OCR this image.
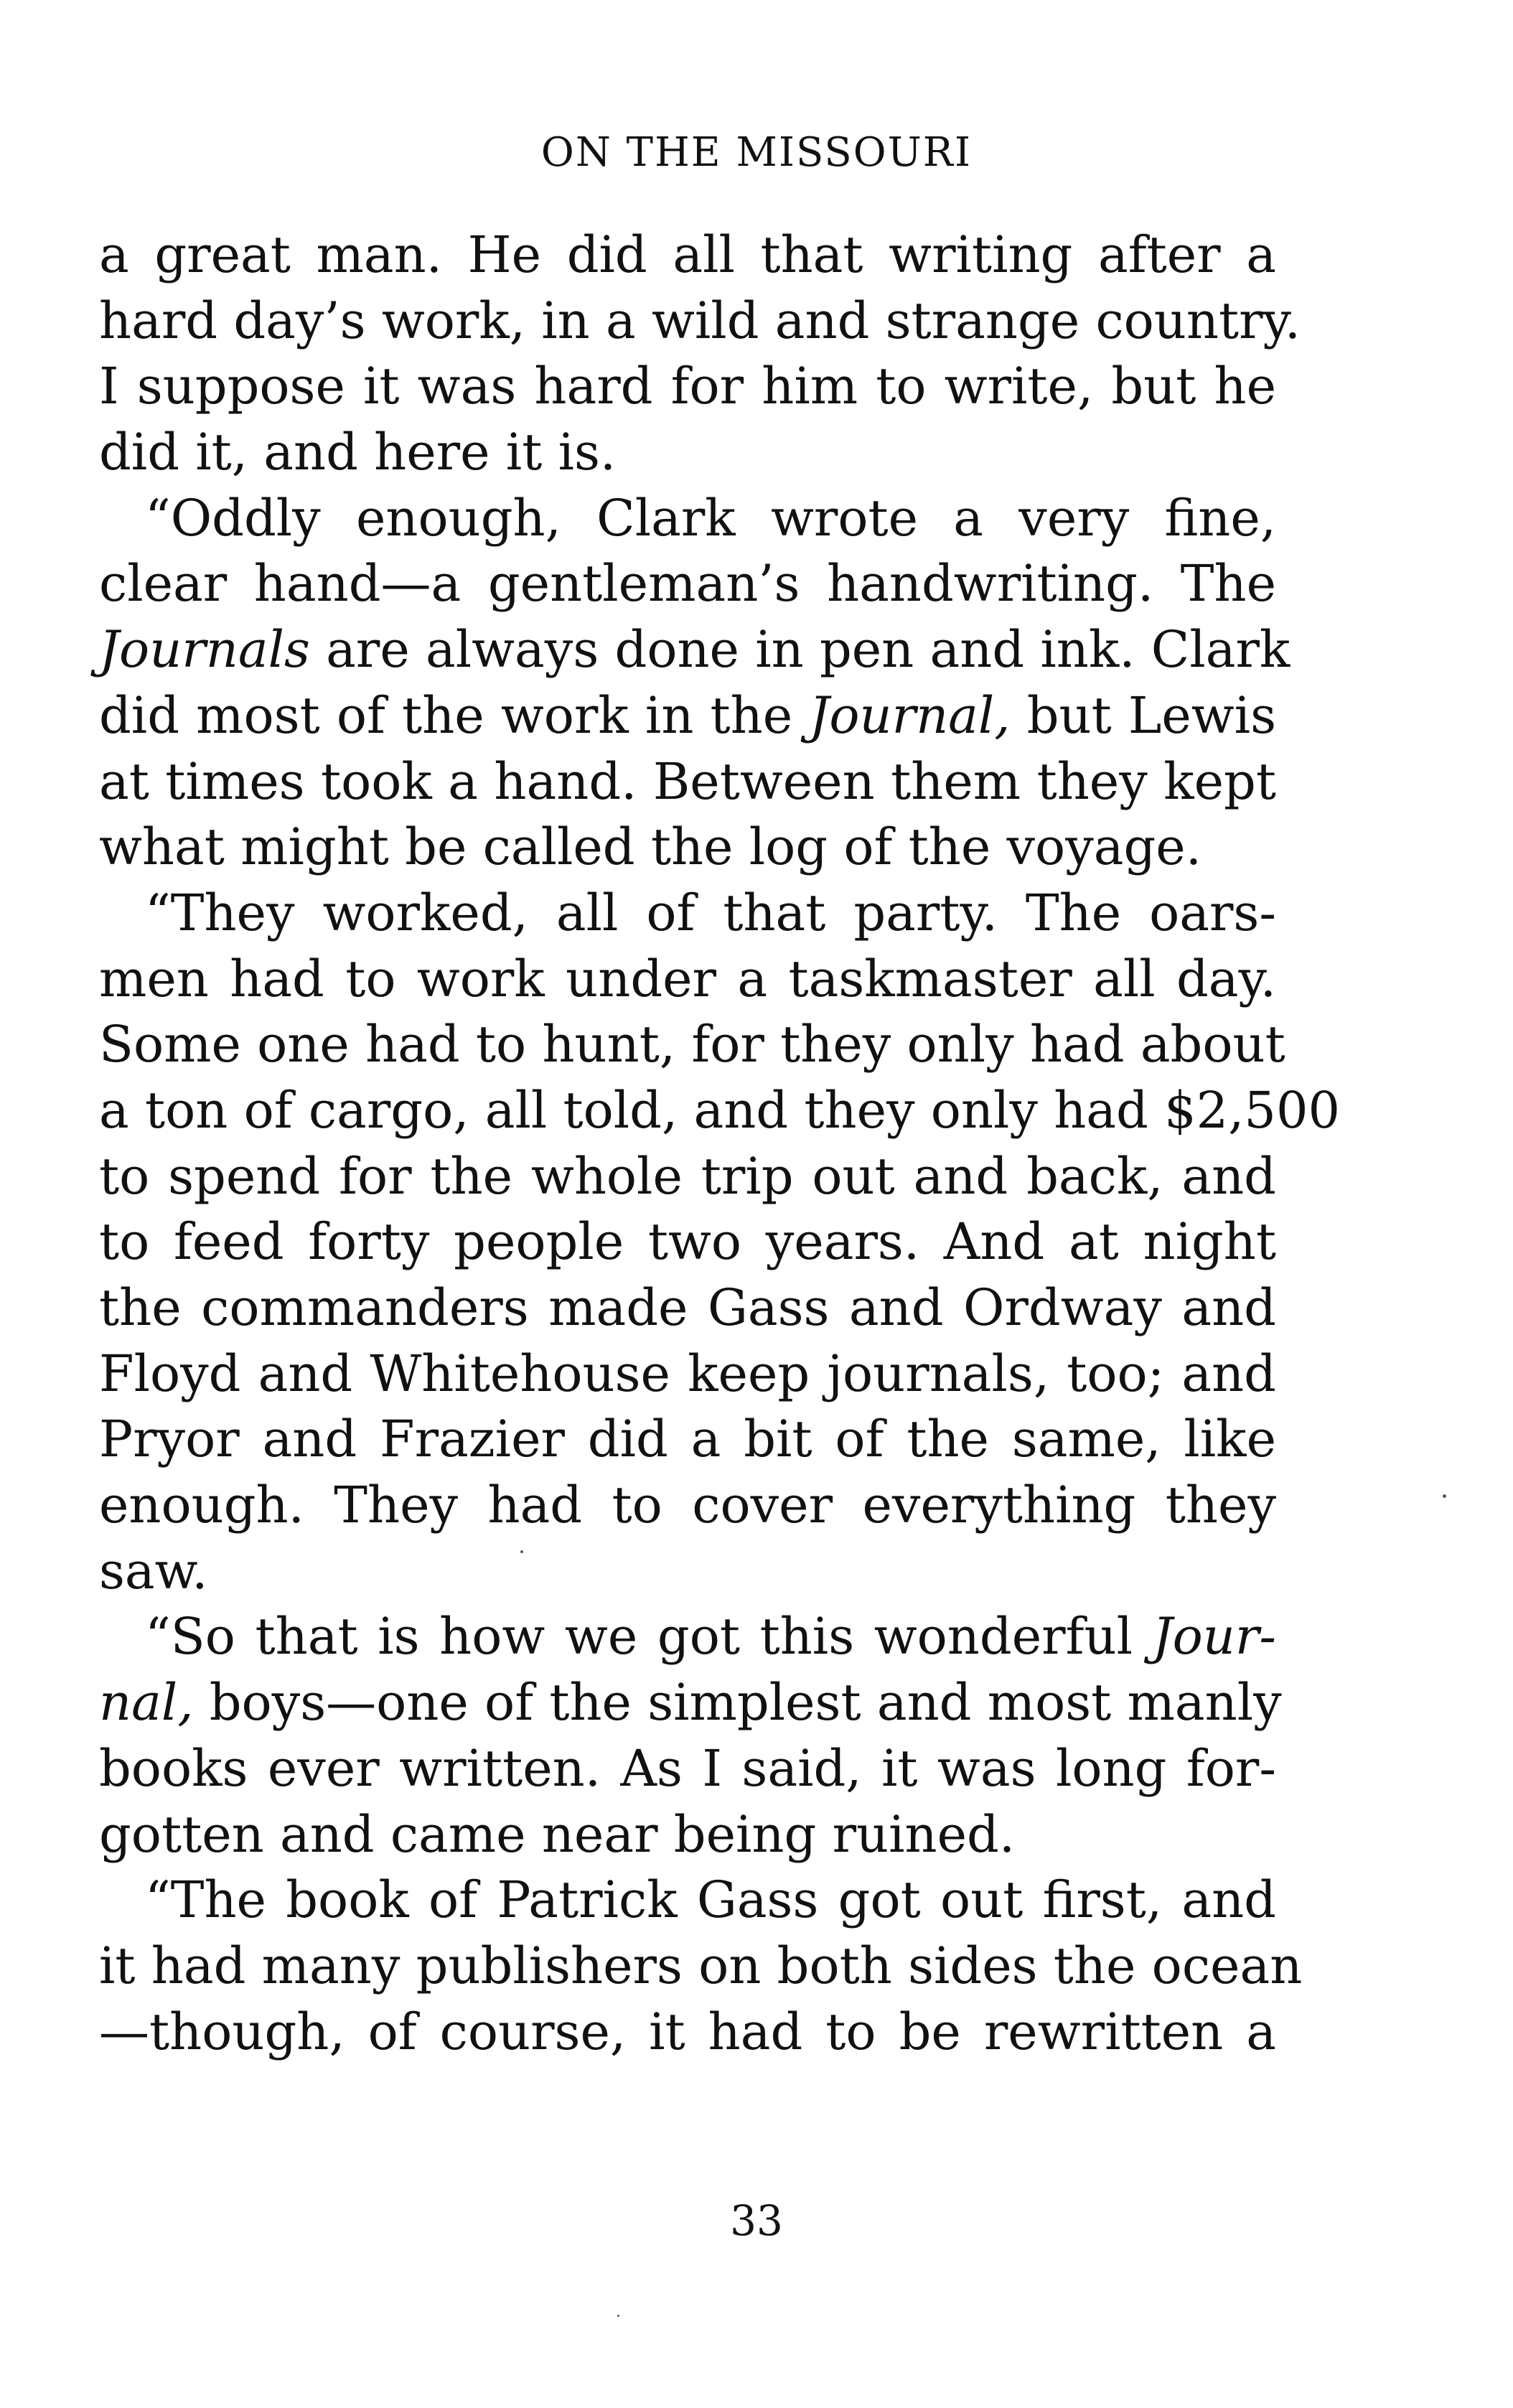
ON THE MISSOURI
a great man. He did all that writing after a
hard day’s work, in a wild and strange country.
I suppose it was hard for him to write, but he
did it, and here it is.
“Oddly enough, Clark wrote a very fine,
clear hand—a gentleman’s handwriting. The
Journals are always done in pen and ink. Clark
did most of the work in the Journal, but Lewis
at times took a hand. Between them they kept
what might be called the log of the voyage.
“They worked, all of that party. The oars-
men had to work under a taskmaster all day.
Some one had to hunt, for they only had about
a ton of cargo, all told, and they only had $2,500
to spend for the whole trip out and back, and
to feed forty people two years. And at night
the commanders made Gass and Ordway and
Floyd and Whitehouse keep journals, too; and
Pryor and Frazier did a bit of the same, like
enough. They had to cover everything they
saw.
“So that is how we got this wonderful Jour-
nal, boys—one of the simplest and most manly
books ever written. As I said, it was long for-
gotten and came near being ruined.
“The book of Patrick Gass got out first, and
it had many publishers on both sides the ocean
—though, of course, it had to be rewritten a
33
